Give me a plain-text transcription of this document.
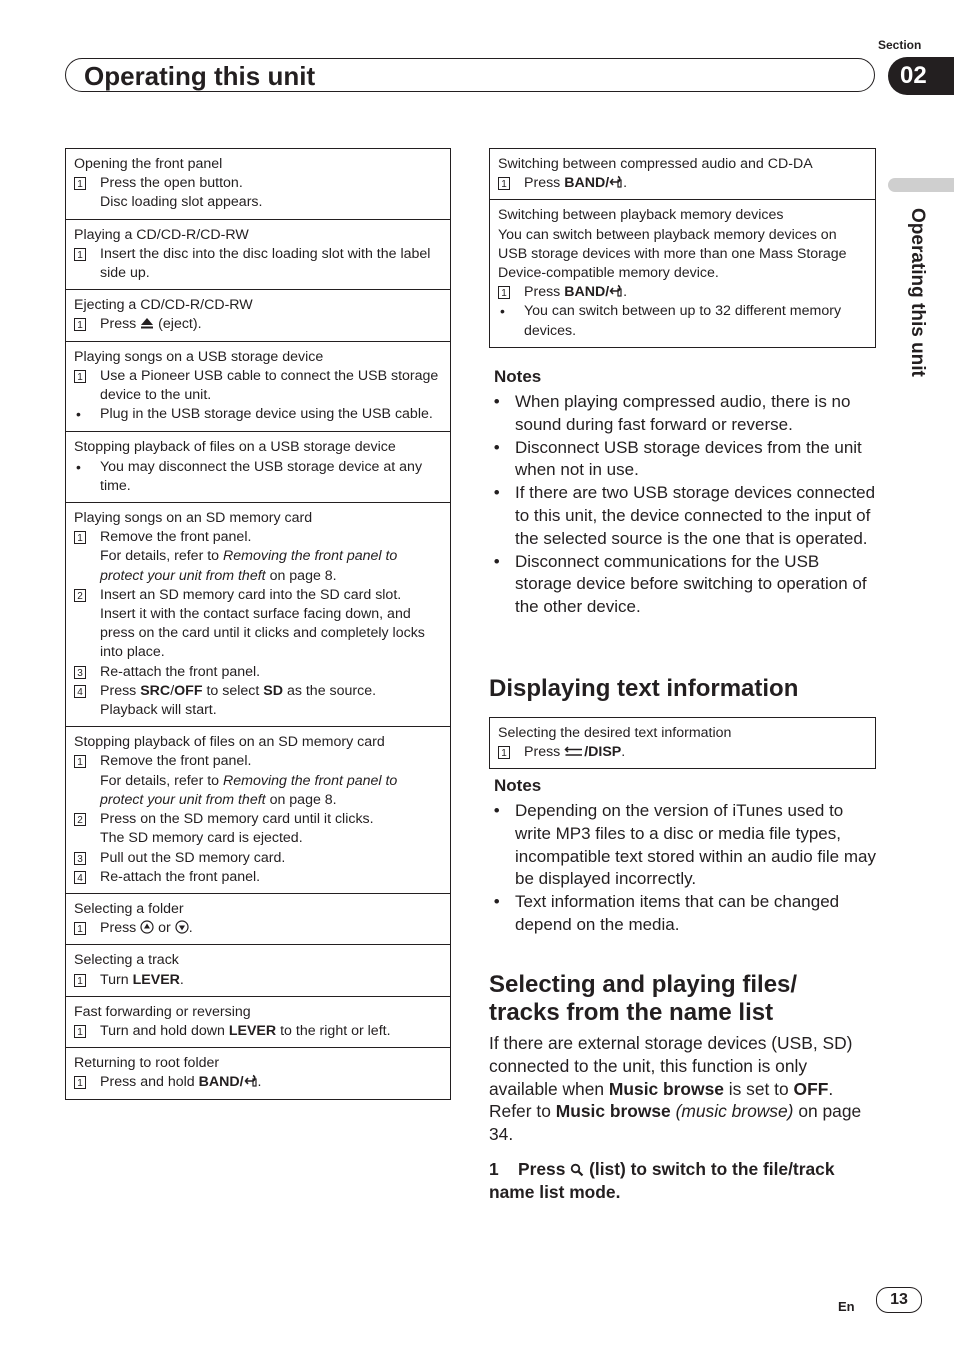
Section
Operating this unit	02
Operating this unit
Opening the front panel
1	Press the open button.
Disc loading slot appears.
Playing a CD/CD-R/CD-RW
1	Insert the disc into the disc loading slot with the label side up.
Ejecting a CD/CD-R/CD-RW
1	Press (eject).
Playing songs on a USB storage device
1	Use a Pioneer USB cable to connect the USB storage device to the unit.
•	Plug in the USB storage device using the USB cable.
Stopping playback of files on a USB storage device
•	You may disconnect the USB storage device at any time.
Playing songs on an SD memory card
1	Remove the front panel.
For details, refer to Removing the front panel to protect your unit from theft on page 8.
2	Insert an SD memory card into the SD card slot.
Insert it with the contact surface facing down, and press on the card until it clicks and completely locks into place.
3	Re-attach the front panel.
4	Press SRC/OFF to select SD as the source.
Playback will start.
Stopping playback of files on an SD memory card
1	Remove the front panel.
For details, refer to Removing the front panel to protect your unit from theft on page 8.
2	Press on the SD memory card until it clicks.
The SD memory card is ejected.
3	Pull out the SD memory card.
4	Re-attach the front panel.
Selecting a folder
1	Press or .
Selecting a track
1	Turn LEVER.
Fast forwarding or reversing
1	Turn and hold down LEVER to the right or left.
Returning to root folder
1	Press and hold BAND/ .
Switching between compressed audio and CD-DA
1	Press BAND/ .
Switching between playback memory devices
You can switch between playback memory devices on USB storage devices with more than one Mass Storage Device-compatible memory device.
1	Press BAND/ .
•	You can switch between up to 32 different memory devices.
Notes
• When playing compressed audio, there is no sound during fast forward or reverse.
• Disconnect USB storage devices from the unit when not in use.
• If there are two USB storage devices connected to this unit, the device connected to the input of the selected source is the one that is operated.
• Disconnect communications for the USB storage device before switching to operation of the other device.
Displaying text information
Selecting the desired text information
1	Press /DISP.
Notes
• Depending on the version of iTunes used to write MP3 files to a disc or media file types, incompatible text stored within an audio file may be displayed incorrectly.
• Text information items that can be changed depend on the media.
Selecting and playing files/
tracks from the name list
If there are external storage devices (USB, SD) connected to the unit, this function is only available when Music browse is set to OFF. Refer to Music browse (music browse) on page 34.
1 Press (list) to switch to the file/track name list mode.
En	13
